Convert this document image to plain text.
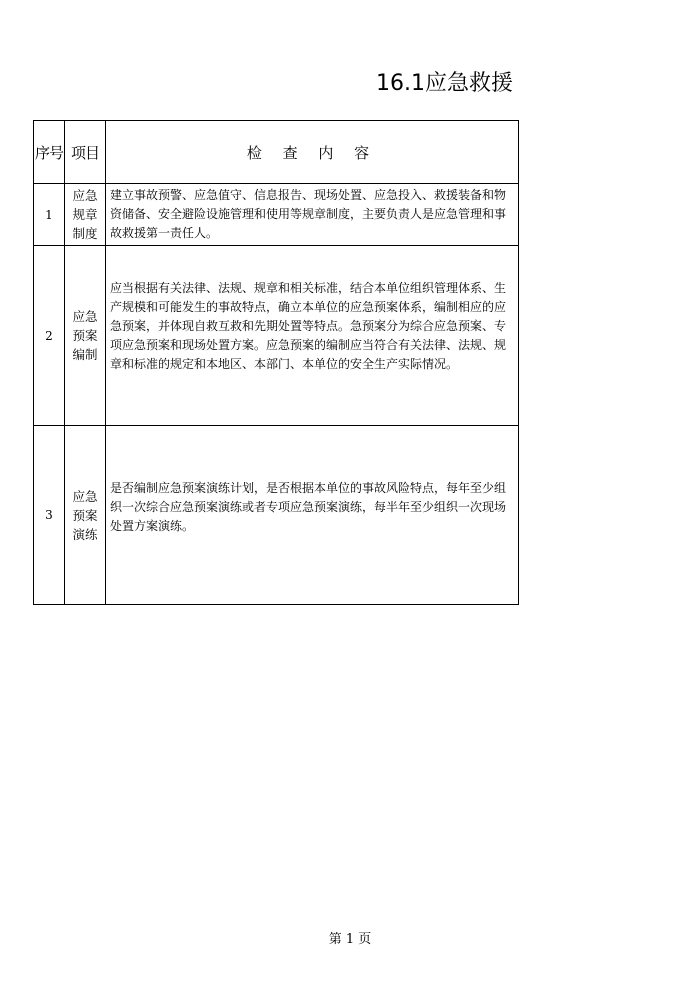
16.1应急救援
序号	项目	检 查 内 容
1	应急规章制度	建立事故预警、应急值守、信息报告、现场处置、应急投入、救援装备和物资储备、安全避险设施管理和使用等规章制度，主要负责人是应急管理和事故救援第一责任人。
2	应急预案编制	应当根据有关法律、法规、规章和相关标准，结合本单位组织管理体系、生产规模和可能发生的事故特点，确立本单位的应急预案体系，编制相应的应急预案，并体现自救互救和先期处置等特点。急预案分为综合应急预案、专项应急预案和现场处置方案。应急预案的编制应当符合有关法律、法规、规章和标准的规定和本地区、本部门、本单位的安全生产实际情况。
3	应急预案演练	是否编制应急预案演练计划，是否根据本单位的事故风险特点，每年至少组织一次综合应急预案演练或者专项应急预案演练，每半年至少组织一次现场处置方案演练。
第 1 页
